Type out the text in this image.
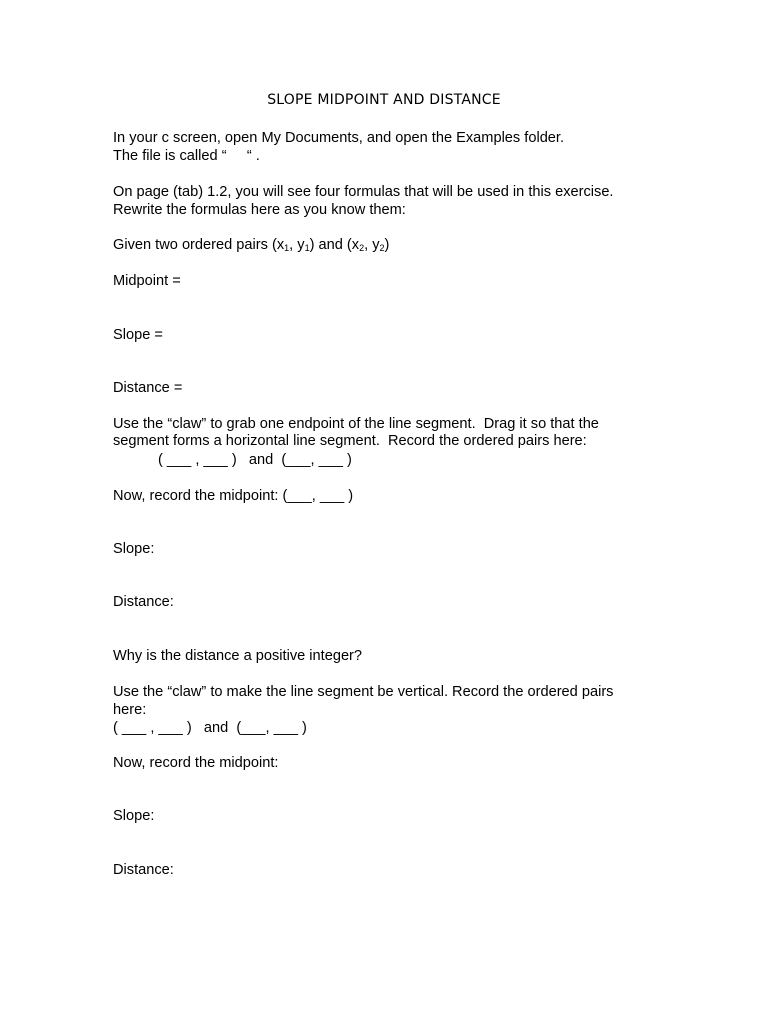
SLOPE MIDPOINT AND DISTANCE
In your c screen, open My Documents, and open the Examples folder.
The file is called “     “ .
On page (tab) 1.2, you will see four formulas that will be used in this exercise.
Rewrite the formulas here as you know them:
Given two ordered pairs ($x_1$, $y_1$) and ($x_2$, $y_2$)
Midpoint =
Slope =
Distance =
Use the “claw” to grab one endpoint of the line segment.  Drag it so that the
segment forms a horizontal line segment.  Record the ordered pairs here:
( ___ , ___ )   and  (___, ___ )
Now, record the midpoint: (___, ___ )
Slope:
Distance:
Why is the distance a positive integer?
Use the “claw” to make the line segment be vertical. Record the ordered pairs
here:
( ___ , ___ )   and  (___, ___ )
Now, record the midpoint:
Slope:
Distance:
